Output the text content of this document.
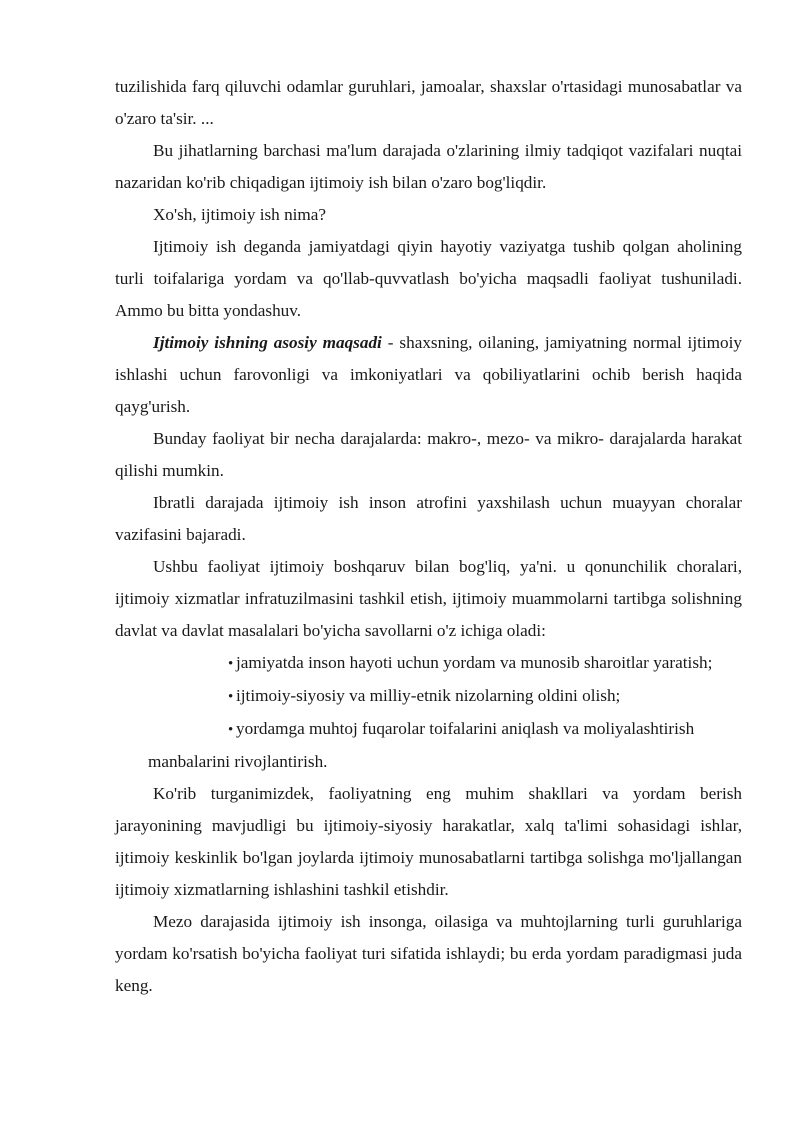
tuzilishida farq qiluvchi odamlar guruhlari, jamoalar, shaxslar o'rtasidagi munosabatlar va o'zaro ta'sir. ...

Bu jihatlarning barchasi ma'lum darajada o'zlarining ilmiy tadqiqot vazifalari nuqtai nazaridan ko'rib chiqadigan ijtimoiy ish bilan o'zaro bog'liqdir.

Xo'sh, ijtimoiy ish nima?

Ijtimoiy ish deganda jamiyatdagi qiyin hayotiy vaziyatga tushib qolgan aholining turli toifalariga yordam va qo'llab-quvvatlash bo'yicha maqsadli faoliyat tushuniladi. Ammo bu bitta yondashuv.

Ijtimoiy ishning asosiy maqsadi - shaxsning, oilaning, jamiyatning normal ijtimoiy ishlashi uchun farovonligi va imkoniyatlari va qobiliyatlarini ochib berish haqida qayg'urish.

Bunday faoliyat bir necha darajalarda: makro-, mezo- va mikro- darajalarda harakat qilishi mumkin.

Ibratli darajada ijtimoiy ish inson atrofini yaxshilash uchun muayyan choralar vazifasini bajaradi.

Ushbu faoliyat ijtimoiy boshqaruv bilan bog'liq, ya'ni. u qonunchilik choralari, ijtimoiy xizmatlar infratuzilmasini tashkil etish, ijtimoiy muammolarni tartibga solishning davlat va davlat masalalari bo'yicha savollarni o'z ichiga oladi:

• jamiyatda inson hayoti uchun yordam va munosib sharoitlar yaratish;
• ijtimoiy-siyosiy va milliy-etnik nizolarning oldini olish;
• yordamga muhtoj fuqarolar toifalarini aniqlash va moliyalashtirish
manbalarini rivojlantirish.

Ko'rib turganimizdek, faoliyatning eng muhim shakllari va yordam berish jarayonining mavjudligi bu ijtimoiy-siyosiy harakatlar, xalq ta'limi sohasidagi ishlar, ijtimoiy keskinlik bo'lgan joylarda ijtimoiy munosabatlarni tartibga solishga mo'ljallangan ijtimoiy xizmatlarning ishlashini tashkil etishdir.

Mezo darajasida ijtimoiy ish insonga, oilasiga va muhtojlarning turli guruhlariga yordam ko'rsatish bo'yicha faoliyat turi sifatida ishlaydi; bu erda yordam paradigmasi juda keng.
